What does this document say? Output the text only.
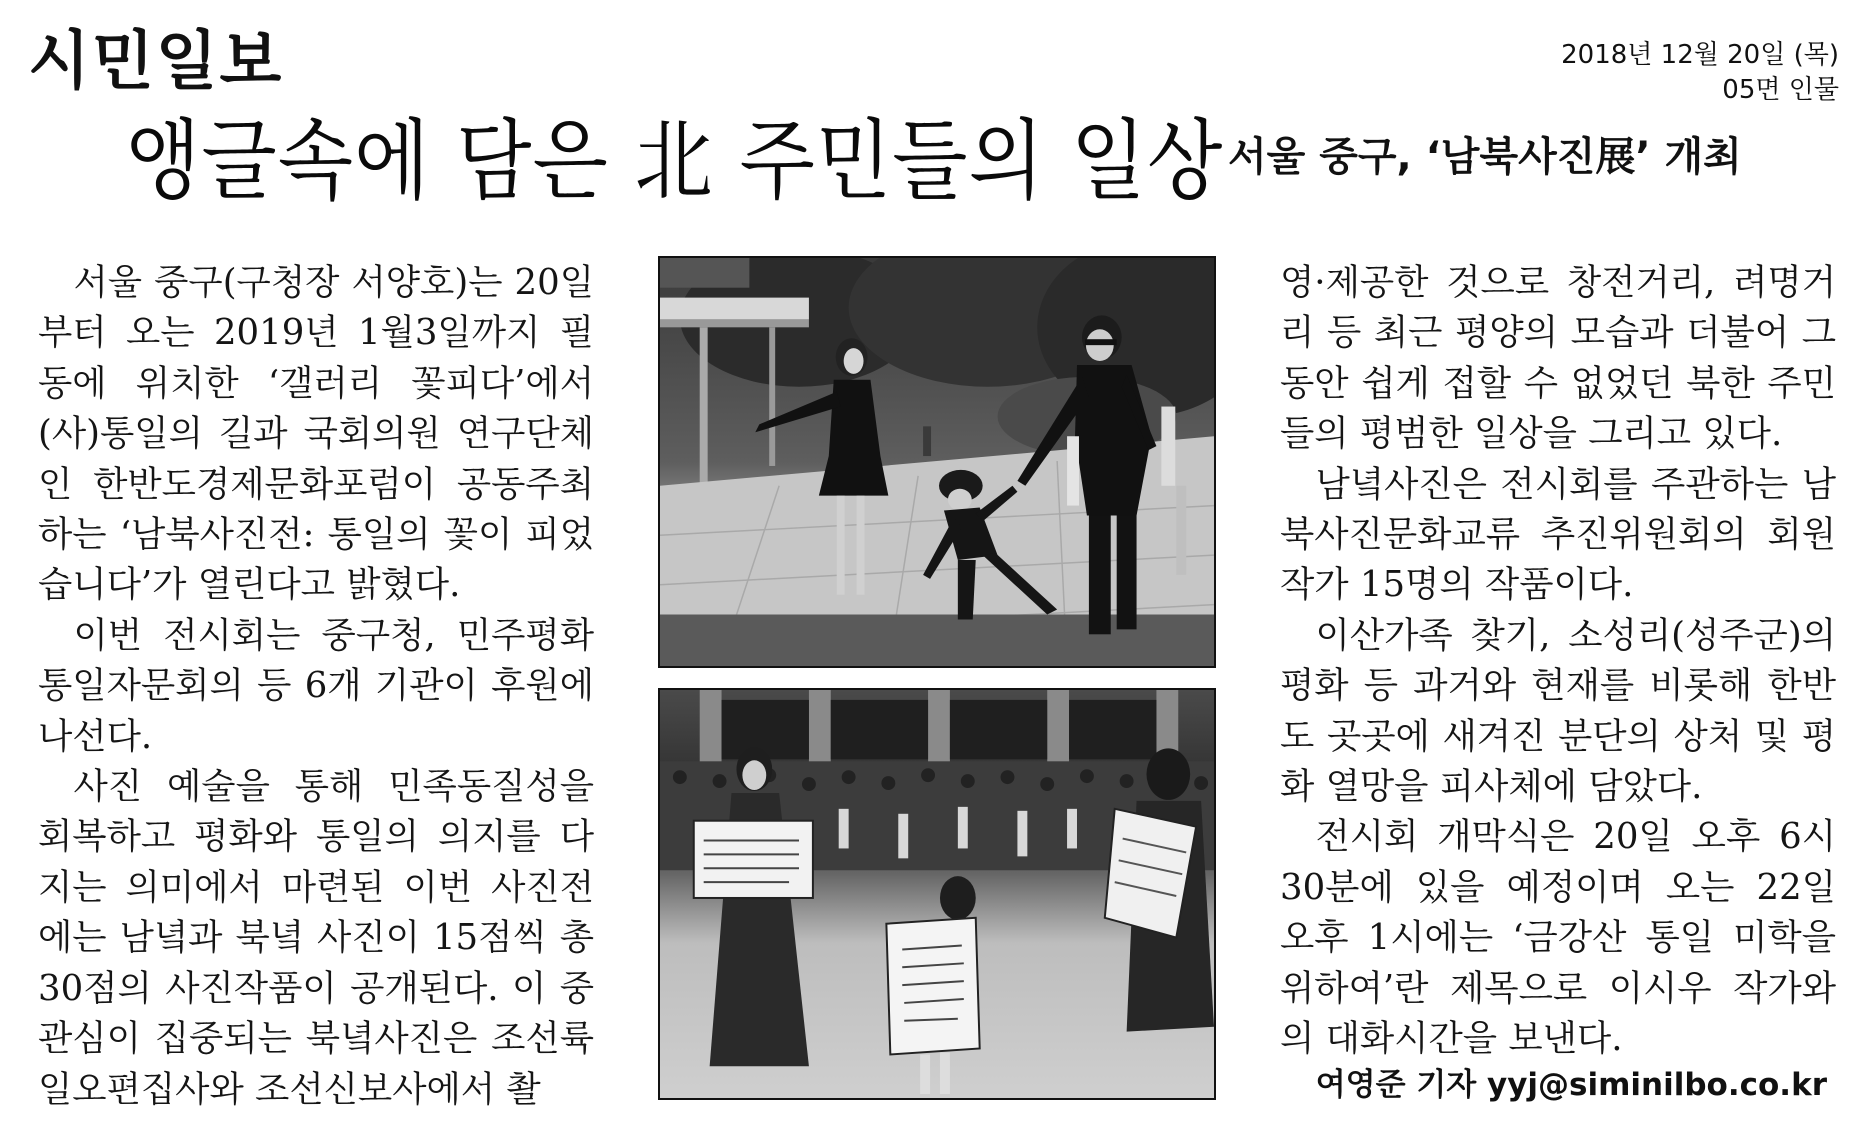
시민일보	2018년 12월 20일 (목)
05면 인물
앵글속에 담은 北 주민들의 일상 서울 중구, ‘남북사진展’ 개최

서울 중구(구청장 서양호)는 20일부터 오는 2019년 1월3일까지 필동에 위치한 ‘갤러리 꽃피다’에서 (사)통일의 길과 국회의원 연구단체인 한반도경제문화포럼이 공동주최하는 ‘남북사진전: 통일의 꽃이 피었습니다’가 열린다고 밝혔다.

이번 전시회는 중구청, 민주평화통일자문회의 등 6개 기관이 후원에 나선다.

사진 예술을 통해 민족동질성을 회복하고 평화와 통일의 의지를 다지는 의미에서 마련된 이번 사진전에는 남녘과 북녘 사진이 15점씩 총 30점의 사진작품이 공개된다. 이 중 관심이 집중되는 북녘사진은 조선륙일오편집사와 조선신보사에서 촬

영·제공한 것으로 창전거리, 려명거리 등 최근 평양의 모습과 더불어 그동안 쉽게 접할 수 없었던 북한 주민들의 평범한 일상을 그리고 있다.

남녘사진은 전시회를 주관하는 남북사진문화교류 추진위원회의 회원 작가 15명의 작품이다.

이산가족 찾기, 소성리(성주군)의 평화 등 과거와 현재를 비롯해 한반도 곳곳에 새겨진 분단의 상처 및 평화 열망을 피사체에 담았다.

전시회 개막식은 20일 오후 6시 30분에 있을 예정이며 오는 22일 오후 1시에는 ‘금강산 통일 미학을 위하여’란 제목으로 이시우 작가와의 대화시간을 보낸다.

여영준 기자 yyj@siminilbo.co.kr
